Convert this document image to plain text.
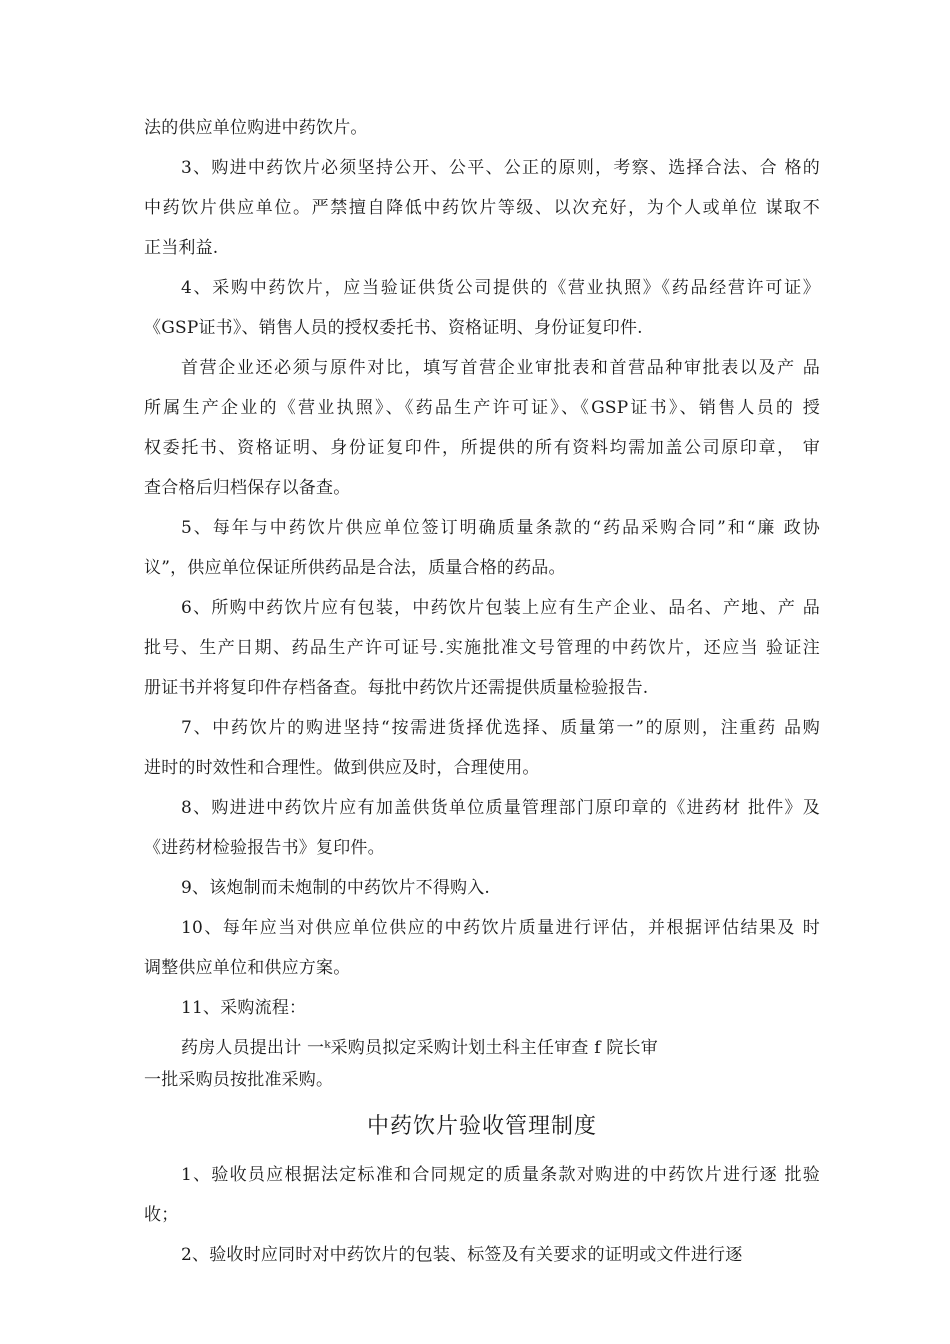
法的供应单位购进中药饮片。
3、购进中药饮片必须坚持公开、公平、公正的原则，考察、选择合法、合 格的
中药饮片供应单位。严禁擅自降低中药饮片等级、以次充好，为个人或单位 谋取不
正当利益.
4、采购中药饮片，应当验证供货公司提供的《营业执照》《药品经营许可证》
《GSP证书》、销售人员的授权委托书、资格证明、身份证复印件.
首营企业还必须与原件对比，填写首营企业审批表和首营品种审批表以及产 品
所属生产企业的《营业执照》、《药品生产许可证》、《GSP证书》、销售人员的 授
权委托书、资格证明、身份证复印件，所提供的所有资料均需加盖公司原印章， 审
查合格后归档保存以备查。
5、每年与中药饮片供应单位签订明确质量条款的“药品采购合同”和“廉 政协
议”，供应单位保证所供药品是合法，质量合格的药品。
6、所购中药饮片应有包装，中药饮片包装上应有生产企业、品名、产地、产 品
批号、生产日期、药品生产许可证号.实施批准文号管理的中药饮片，还应当 验证注
册证书并将复印件存档备查。每批中药饮片还需提供质量检验报告.
7、中药饮片的购进坚持“按需进货择优选择、质量第一”的原则，注重药 品购
进时的时效性和合理性。做到供应及时，合理使用。
8、购进进中药饮片应有加盖供货单位质量管理部门原印章的《进药材 批件》及
《进药材检验报告书》复印件。
9、该炮制而未炮制的中药饮片不得购入.
10、每年应当对供应单位供应的中药饮片质量进行评估，并根据评估结果及 时
调整供应单位和供应方案。
11、采购流程：
药房人员提出计 一ᵏ采购员拟定采购计划土科主任审查 f 院长审
一批采购员按批准采购。
中药饮片验收管理制度
1、验收员应根据法定标准和合同规定的质量条款对购进的中药饮片进行逐 批验
收；
2、验收时应同时对中药饮片的包装、标签及有关要求的证明或文件进行逐
